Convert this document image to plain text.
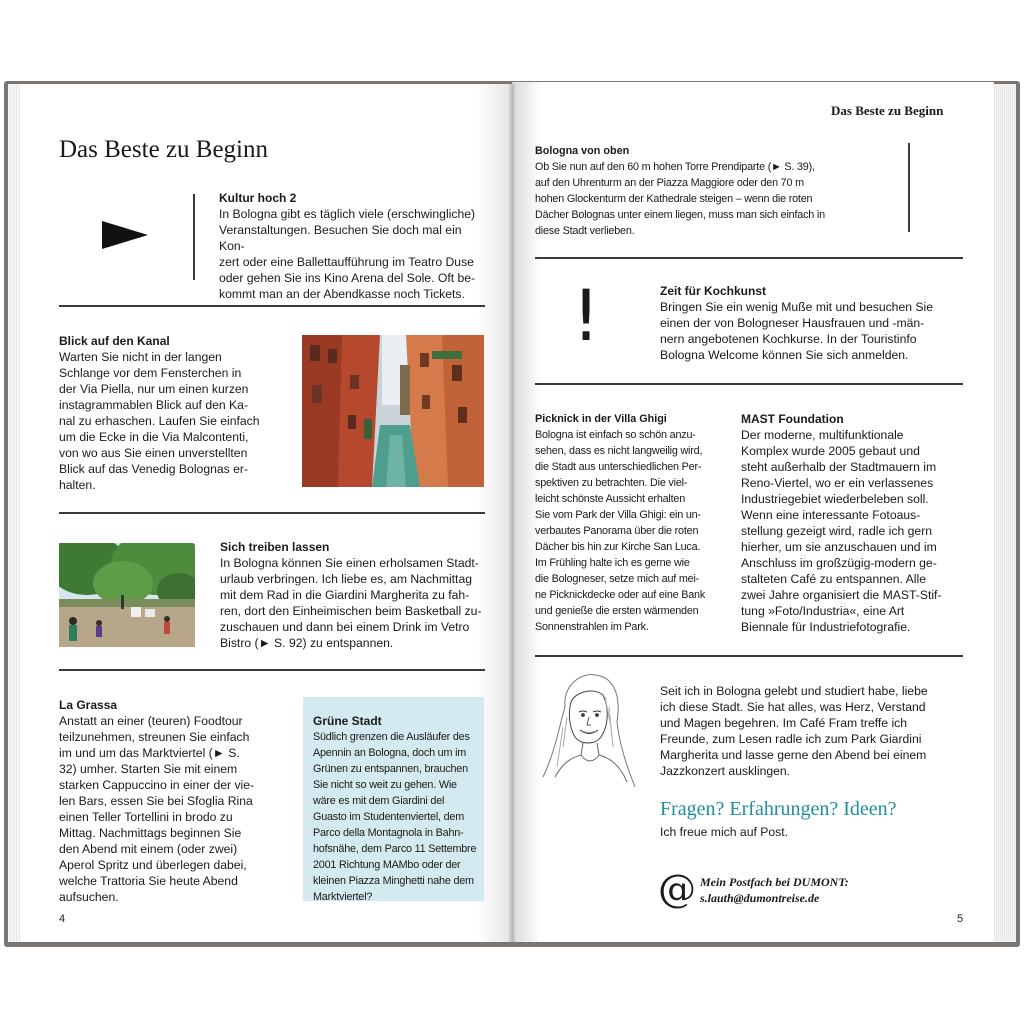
Das Beste zu Beginn

Kultur hoch 2

In Bologna gibt es täglich viele (erschwingliche)

Veranstaltungen. Besuchen Sie doch mal ein Kon-

zert oder eine Ballettaufführung im Teatro Duse

oder gehen Sie ins Kino Arena del Sole. Oft be-

kommt man an der Abendkasse noch Tickets.

Blick auf den Kanal

Warten Sie nicht in der langen

Schlange vor dem Fensterchen in

der Via Piella, nur um einen kurzen

instagrammablen Blick auf den Ka-

nal zu erhaschen. Laufen Sie einfach

um die Ecke in die Via Malcontenti,

von wo aus Sie einen unverstellten

Blick auf das Venedig Bolognas er-

halten.

Sich treiben lassen

In Bologna können Sie einen erholsamen Stadt-

urlaub verbringen. Ich liebe es, am Nachmittag

mit dem Rad in die Giardini Margherita zu fah-

ren, dort den Einheimischen beim Basketball zu-

zuschauen und dann bei einem Drink im Vetro

Bistro (► S. 92) zu entspannen.

La Grassa

Anstatt an einer (teuren) Foodtour

teilzunehmen, streunen Sie einfach

im und um das Marktviertel (► S.

32) umher. Starten Sie mit einem

starken Cappuccino in einer der vie-

len Bars, essen Sie bei Sfoglia Rina

einen Teller Tortellini in brodo zu

Mittag. Nachmittags beginnen Sie

den Abend mit einem (oder zwei)

Aperol Spritz und überlegen dabei,

welche Trattoria Sie heute Abend

aufsuchen.

Grüne Stadt

Südlich grenzen die Ausläufer des

Apennin an Bologna, doch um im

Grünen zu entspannen, brauchen

Sie nicht so weit zu gehen. Wie

wäre es mit dem Giardini del

Guasto im Studentenviertel, dem

Parco della Montagnola in Bahn-

hofsnähe, dem Parco 11 Settembre

2001 Richtung MAMbo oder der

kleinen Piazza Minghetti nahe dem

Marktviertel?

4
Das Beste zu Beginn

Bologna von oben

Ob Sie nun auf den 60 m hohen Torre Prendiparte (► S. 39),

auf den Uhrenturm an der Piazza Maggiore oder den 70 m

hohen Glockenturm der Kathedrale steigen – wenn die roten

Dächer Bolognas unter einem liegen, muss man sich einfach in

diese Stadt verlieben.

!	Zeit für Kochkunst

Bringen Sie ein wenig Muße mit und besuchen Sie

einen der von Bologneser Hausfrauen und -män-

nern angebotenen Kochkurse. In der Touristinfo

Bologna Welcome können Sie sich anmelden.

Picknick in der Villa Ghigi

Bologna ist einfach so schön anzu-

sehen, dass es nicht langweilig wird,

die Stadt aus unterschiedlichen Per-

spektiven zu betrachten. Die viel-

leicht schönste Aussicht erhalten

Sie vom Park der Villa Ghigi: ein un-

verbautes Panorama über die roten

Dächer bis hin zur Kirche San Luca.

Im Frühling halte ich es gerne wie

die Bologneser, setze mich auf mei-

ne Picknickdecke oder auf eine Bank

und genieße die ersten wärmenden

Sonnenstrahlen im Park.

MAST Foundation

Der moderne, multifunktionale

Komplex wurde 2005 gebaut und

steht außerhalb der Stadtmauern im

Reno-Viertel, wo er ein verlassenes

Industriegebiet wiederbeleben soll.

Wenn eine interessante Fotoaus-

stellung gezeigt wird, radle ich gern

hierher, um sie anzuschauen und im

Anschluss im großzügig-modern ge-

stalteten Café zu entspannen. Alle

zwei Jahre organisiert die MAST-Stif-

tung »Foto/Industria«, eine Art

Biennale für Industriefotografie.

Seit ich in Bologna gelebt und studiert habe, liebe

ich diese Stadt. Sie hat alles, was Herz, Verstand

und Magen begehren. Im Café Fram treffe ich

Freunde, zum Lesen radle ich zum Park Giardini

Margherita und lasse gerne den Abend bei einem

Jazzkonzert ausklingen.

Fragen? Erfahrungen? Ideen?
Ich freue mich auf Post.
@ Mein Postfach bei DUMONT:
s.lauth@dumontreise.de
5
